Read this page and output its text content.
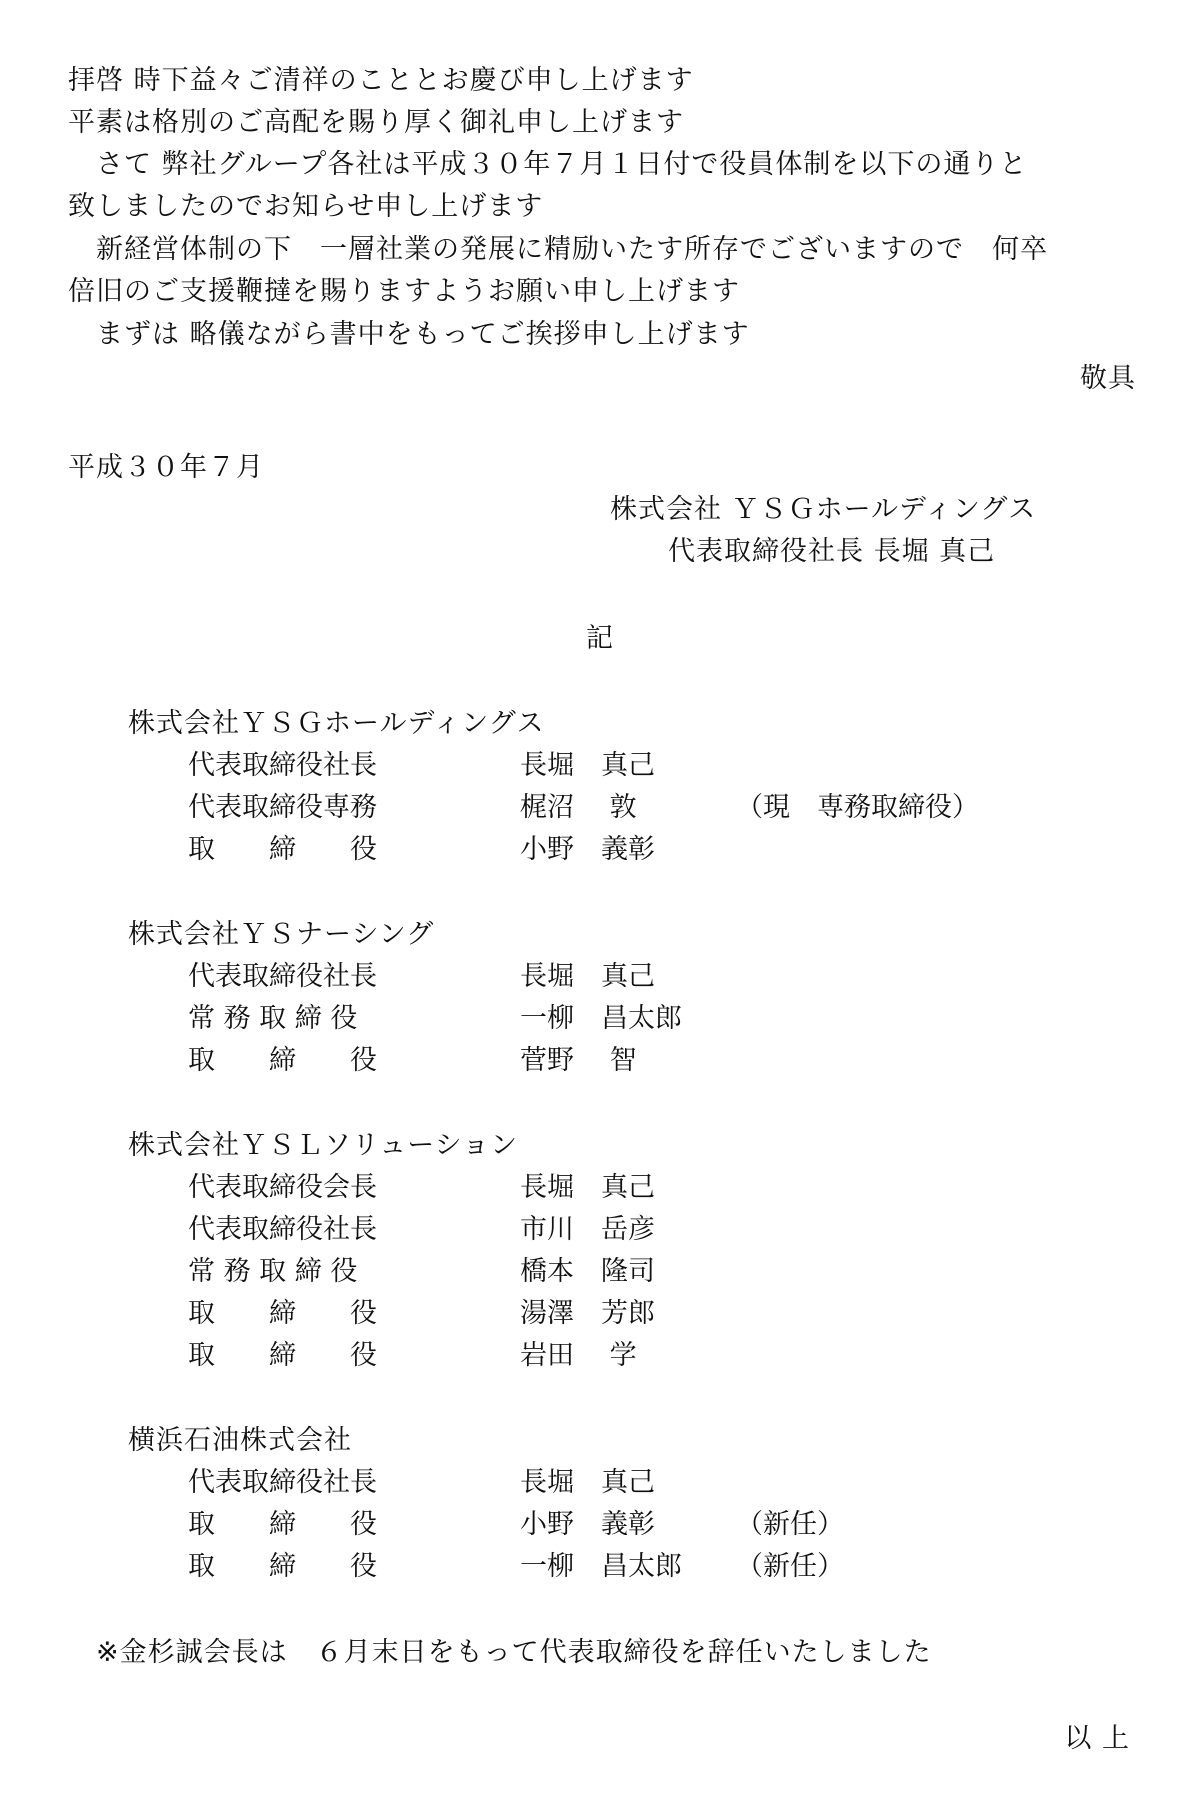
拝啓 時下益々ご清祥のこととお慶び申し上げます
平素は格別のご高配を賜り厚く御礼申し上げます
　さて 弊社グループ各社は平成３０年７月１日付で役員体制を以下の通りと
致しましたのでお知らせ申し上げます
　新経営体制の下　一層社業の発展に精励いたす所存でございますので　何卒
倍旧のご支援鞭撻を賜りますようお願い申し上げます
　まずは 略儀ながら書中をもってご挨拶申し上げます
敬具
平成３０年７月
株式会社 ＹＳＧホールディングス
代表取締役社長 長堀 真己
記
株式会社ＹＳＧホールディングス
代表取締役社長	長堀　真己
代表取締役専務	梶沼　 敦	（現　専務取締役）
取　　締　　役	小野　義彰
株式会社ＹＳナーシング
代表取締役社長	長堀　真己
常 務 取 締 役	一柳　昌太郎
取　　締　　役	菅野　 智
株式会社ＹＳＬソリューション
代表取締役会長	長堀　真己
代表取締役社長	市川　岳彦
常 務 取 締 役	橋本　隆司
取　　締　　役	湯澤　芳郎
取　　締　　役	岩田　 学
横浜石油株式会社
代表取締役社長	長堀　真己
取　　締　　役	小野　義彰	（新任）
取　　締　　役	一柳　昌太郎	（新任）
※金杉誠会長は　６月末日をもって代表取締役を辞任いたしました
以 上
